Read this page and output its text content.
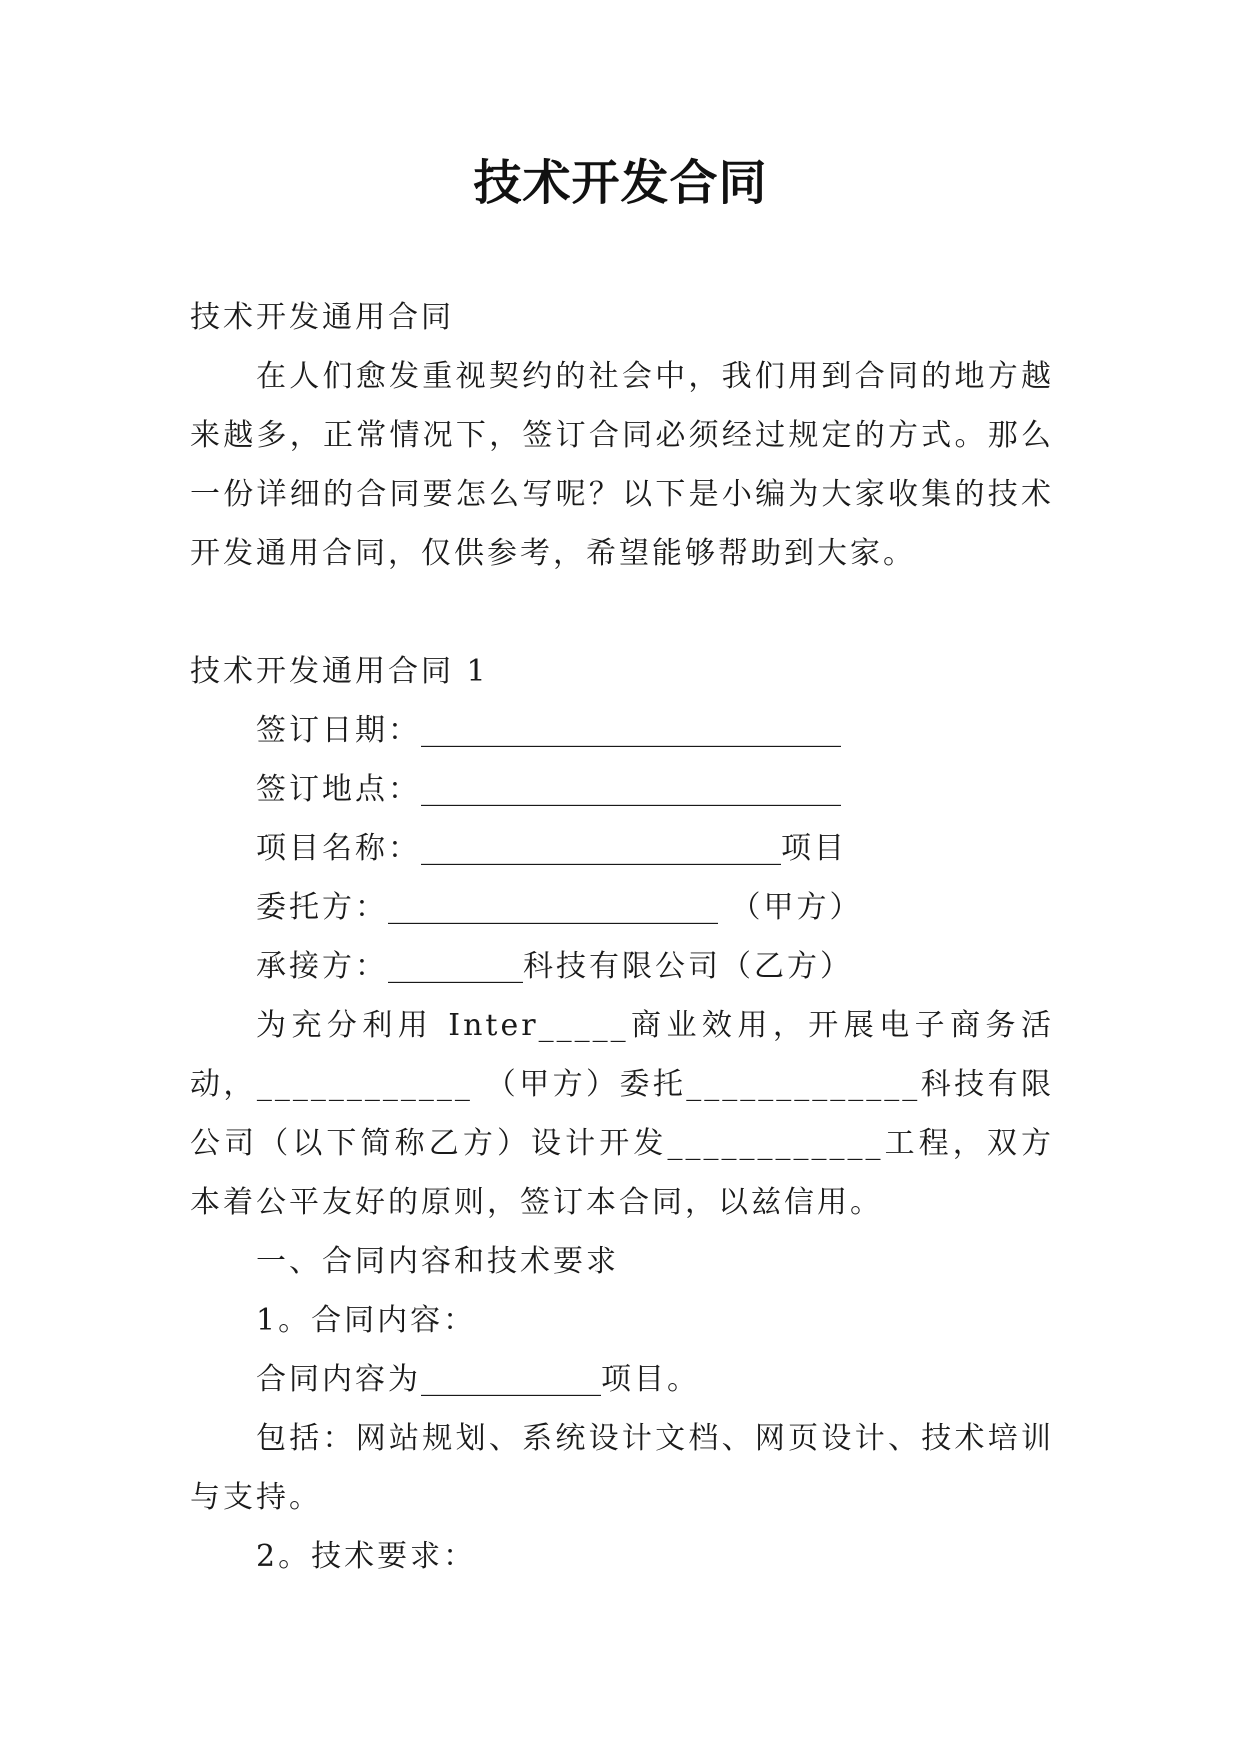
技术开发合同

技术开发通用合同

在人们愈发重视契约的社会中，我们用到合同的地方越来越多，正常情况下，签订合同必须经过规定的方式。那么一份详细的合同要怎么写呢？以下是小编为大家收集的技术开发通用合同，仅供参考，希望能够帮助到大家。

技术开发通用合同 1

签订日期：____________________________

签订地点：____________________________

项目名称：________________________项目

委托方：______________________ （甲方）

承接方：_________科技有限公司（乙方）

为充分利用 Inter_____商业效用，开展电子商务活动，____________ （甲方）委托_____________科技有限公司（以下简称乙方）设计开发____________工程，双方本着公平友好的原则，签订本合同，以兹信用。

一、合同内容和技术要求

1。合同内容：

合同内容为____________项目。

包括：网站规划、系统设计文档、网页设计、技术培训与支持。

2。技术要求：
